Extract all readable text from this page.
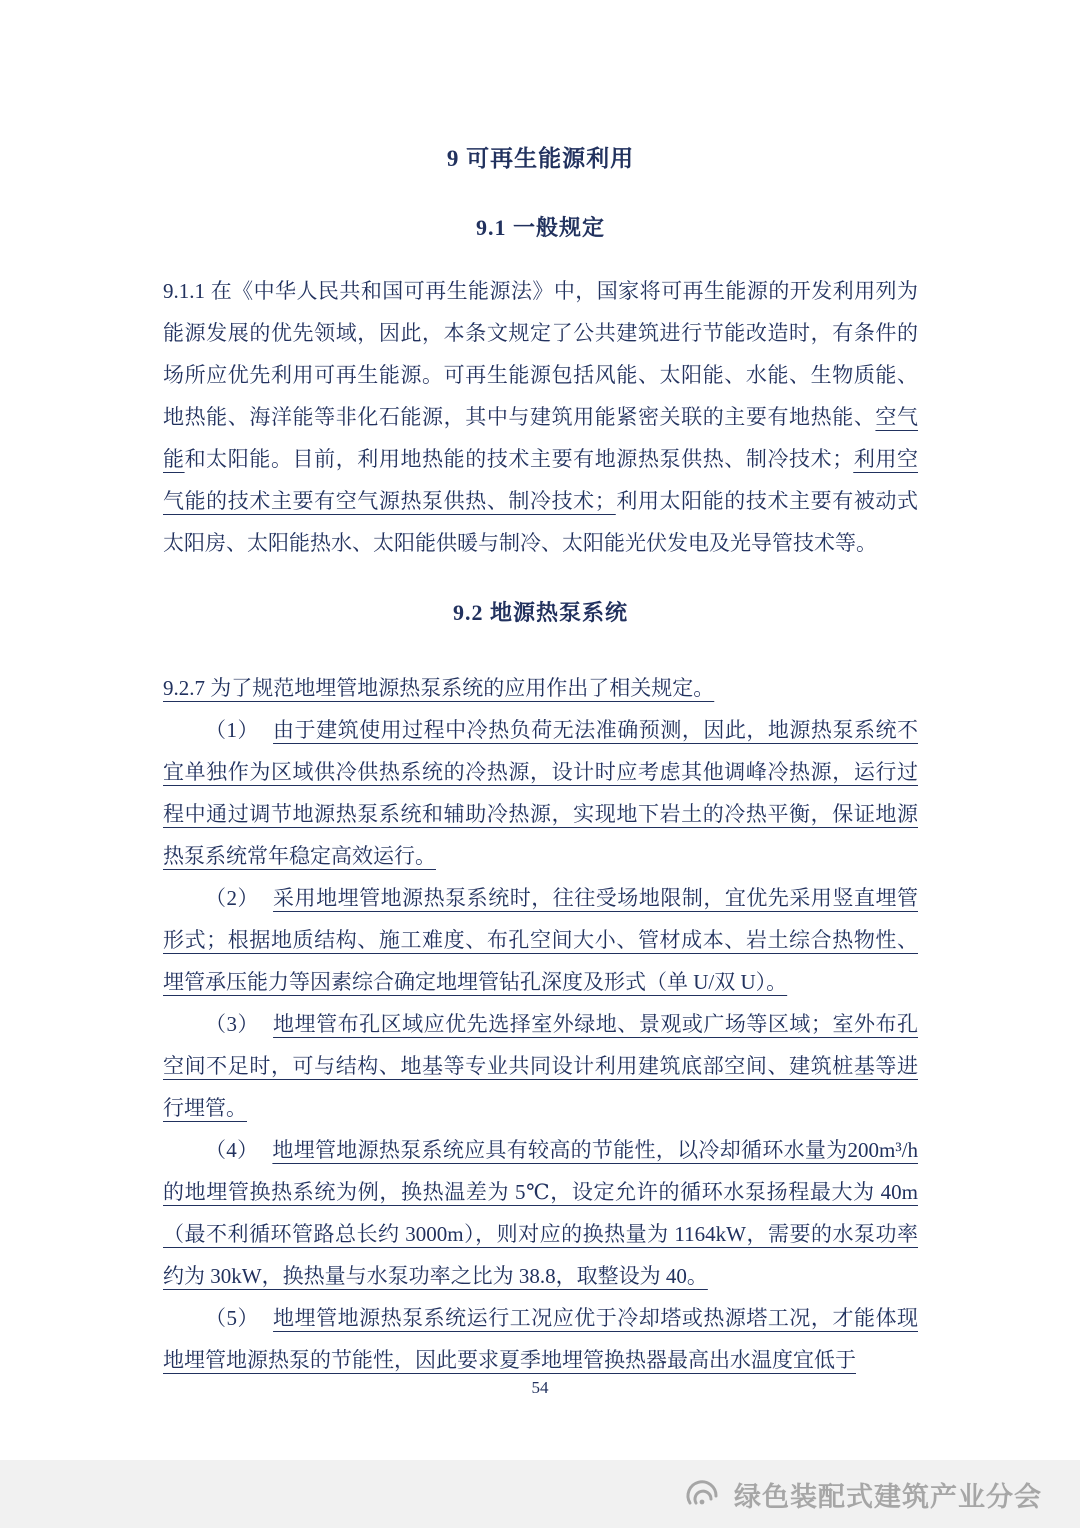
9 可再生能源利用
9.1 一般规定

9.1.1 在《中华人民共和国可再生能源法》中，国家将可再生能源的开发利用列为能源发展的优先领域，因此，本条文规定了公共建筑进行节能改造时，有条件的场所应优先利用可再生能源。可再生能源包括风能、太阳能、水能、生物质能、地热能、海洋能等非化石能源，其中与建筑用能紧密关联的主要有地热能、空气能和太阳能。目前，利用地热能的技术主要有地源热泵供热、制冷技术；利用空气能的技术主要有空气源热泵供热、制冷技术；利用太阳能的技术主要有被动式太阳房、太阳能热水、太阳能供暖与制冷、太阳能光伏发电及光导管技术等。

9.2 地源热泵系统

9.2.7 为了规范地埋管地源热泵系统的应用作出了相关规定。

（1） 由于建筑使用过程中冷热负荷无法准确预测，因此，地源热泵系统不宜单独作为区域供冷供热系统的冷热源，设计时应考虑其他调峰冷热源，运行过程中通过调节地源热泵系统和辅助冷热源，实现地下岩土的冷热平衡，保证地源热泵系统常年稳定高效运行。

（2） 采用地埋管地源热泵系统时，往往受场地限制，宜优先采用竖直埋管形式；根据地质结构、施工难度、布孔空间大小、管材成本、岩土综合热物性、埋管承压能力等因素综合确定地埋管钻孔深度及形式（单 U/双 U）。

（3） 地埋管布孔区域应优先选择室外绿地、景观或广场等区域；室外布孔空间不足时，可与结构、地基等专业共同设计利用建筑底部空间、建筑桩基等进行埋管。

（4） 地埋管地源热泵系统应具有较高的节能性，以冷却循环水量为200m³/h 的地埋管换热系统为例，换热温差为 5℃，设定允许的循环水泵扬程最大为 40m（最不利循环管路总长约 3000m），则对应的换热量为 1164kW，需要的水泵功率约为 30kW，换热量与水泵功率之比为 38.8，取整设为 40。

（5） 地埋管地源热泵系统运行工况应优于冷却塔或热源塔工况，才能体现地埋管地源热泵的节能性，因此要求夏季地埋管换热器最高出水温度宜低于

54
绿色装配式建筑产业分会
